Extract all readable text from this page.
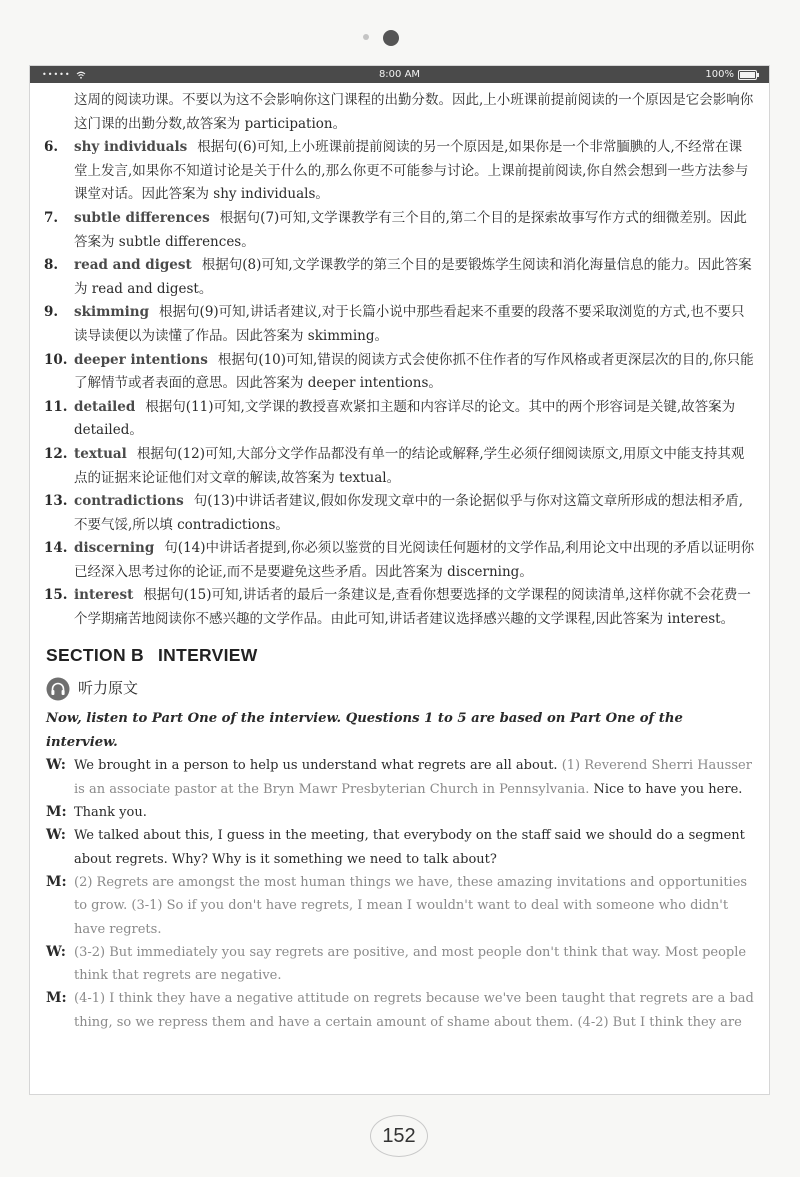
•••••	8:00 AM	100%

这周的阅读功课。不要以为这不会影响你这门课程的出勤分数。因此,上小班课前提前阅读的一个原因是它会影响你这门课的出勤分数,故答案为 participation。

6.	shy individuals 根据句(6)可知,上小班课前提前阅读的另一个原因是,如果你是一个非常腼腆的人,不经常在课堂上发言,如果你不知道讨论是关于什么的,那么你更不可能参与讨论。上课前提前阅读,你自然会想到一些方法参与课堂对话。因此答案为 shy individuals。
7.	subtle differences 根据句(7)可知,文学课教学有三个目的,第二个目的是探索故事写作方式的细微差别。因此答案为 subtle differences。
8.	read and digest 根据句(8)可知,文学课教学的第三个目的是要锻炼学生阅读和消化海量信息的能力。因此答案为 read and digest。
9.	skimming 根据句(9)可知,讲话者建议,对于长篇小说中那些看起来不重要的段落不要采取浏览的方式,也不要只读导读便以为读懂了作品。因此答案为 skimming。
10. deeper intentions 根据句(10)可知,错误的阅读方式会使你抓不住作者的写作风格或者更深层次的目的,你只能了解情节或者表面的意思。因此答案为 deeper intentions。
11. detailed 根据句(11)可知,文学课的教授喜欢紧扣主题和内容详尽的论文。其中的两个形容词是关键,故答案为 detailed。
12. textual 根据句(12)可知,大部分文学作品都没有单一的结论或解释,学生必须仔细阅读原文,用原文中能支持其观点的证据来论证他们对文章的解读,故答案为 textual。
13. contradictions 句(13)中讲话者建议,假如你发现文章中的一条论据似乎与你对这篇文章所形成的想法相矛盾,不要气馁,所以填 contradictions。
14. discerning 句(14)中讲话者提到,你必须以鉴赏的目光阅读任何题材的文学作品,利用论文中出现的矛盾以证明你已经深入思考过你的论证,而不是要避免这些矛盾。因此答案为 discerning。
15. interest 根据句(15)可知,讲话者的最后一条建议是,查看你想要选择的文学课程的阅读清单,这样你就不会花费一个学期痛苦地阅读你不感兴趣的文学作品。由此可知,讲话者建议选择感兴趣的文学课程,因此答案为 interest。
SECTION B INTERVIEW
听力原文

Now, listen to Part One of the interview. Questions 1 to 5 are based on Part One of the interview.

W: We brought in a person to help us understand what regrets are all about. (1) Reverend Sherri Hausser is an associate pastor at the Bryn Mawr Presbyterian Church in Pennsylvania. Nice to have you here.
M: Thank you.
W: We talked about this, I guess in the meeting, that everybody on the staff said we should do a segment about regrets. Why? Why is it something we need to talk about?
M: (2) Regrets are amongst the most human things we have, these amazing invitations and opportunities to grow. (3-1) So if you don't have regrets, I mean I wouldn't want to deal with someone who didn't have regrets.
W: (3-2) But immediately you say regrets are positive, and most people don't think that way. Most people think that regrets are negative.
M: (4-1) I think they have a negative attitude on regrets because we've been taught that regrets are a bad thing, so we repress them and have a certain amount of shame about them. (4-2) But I think they are
152
